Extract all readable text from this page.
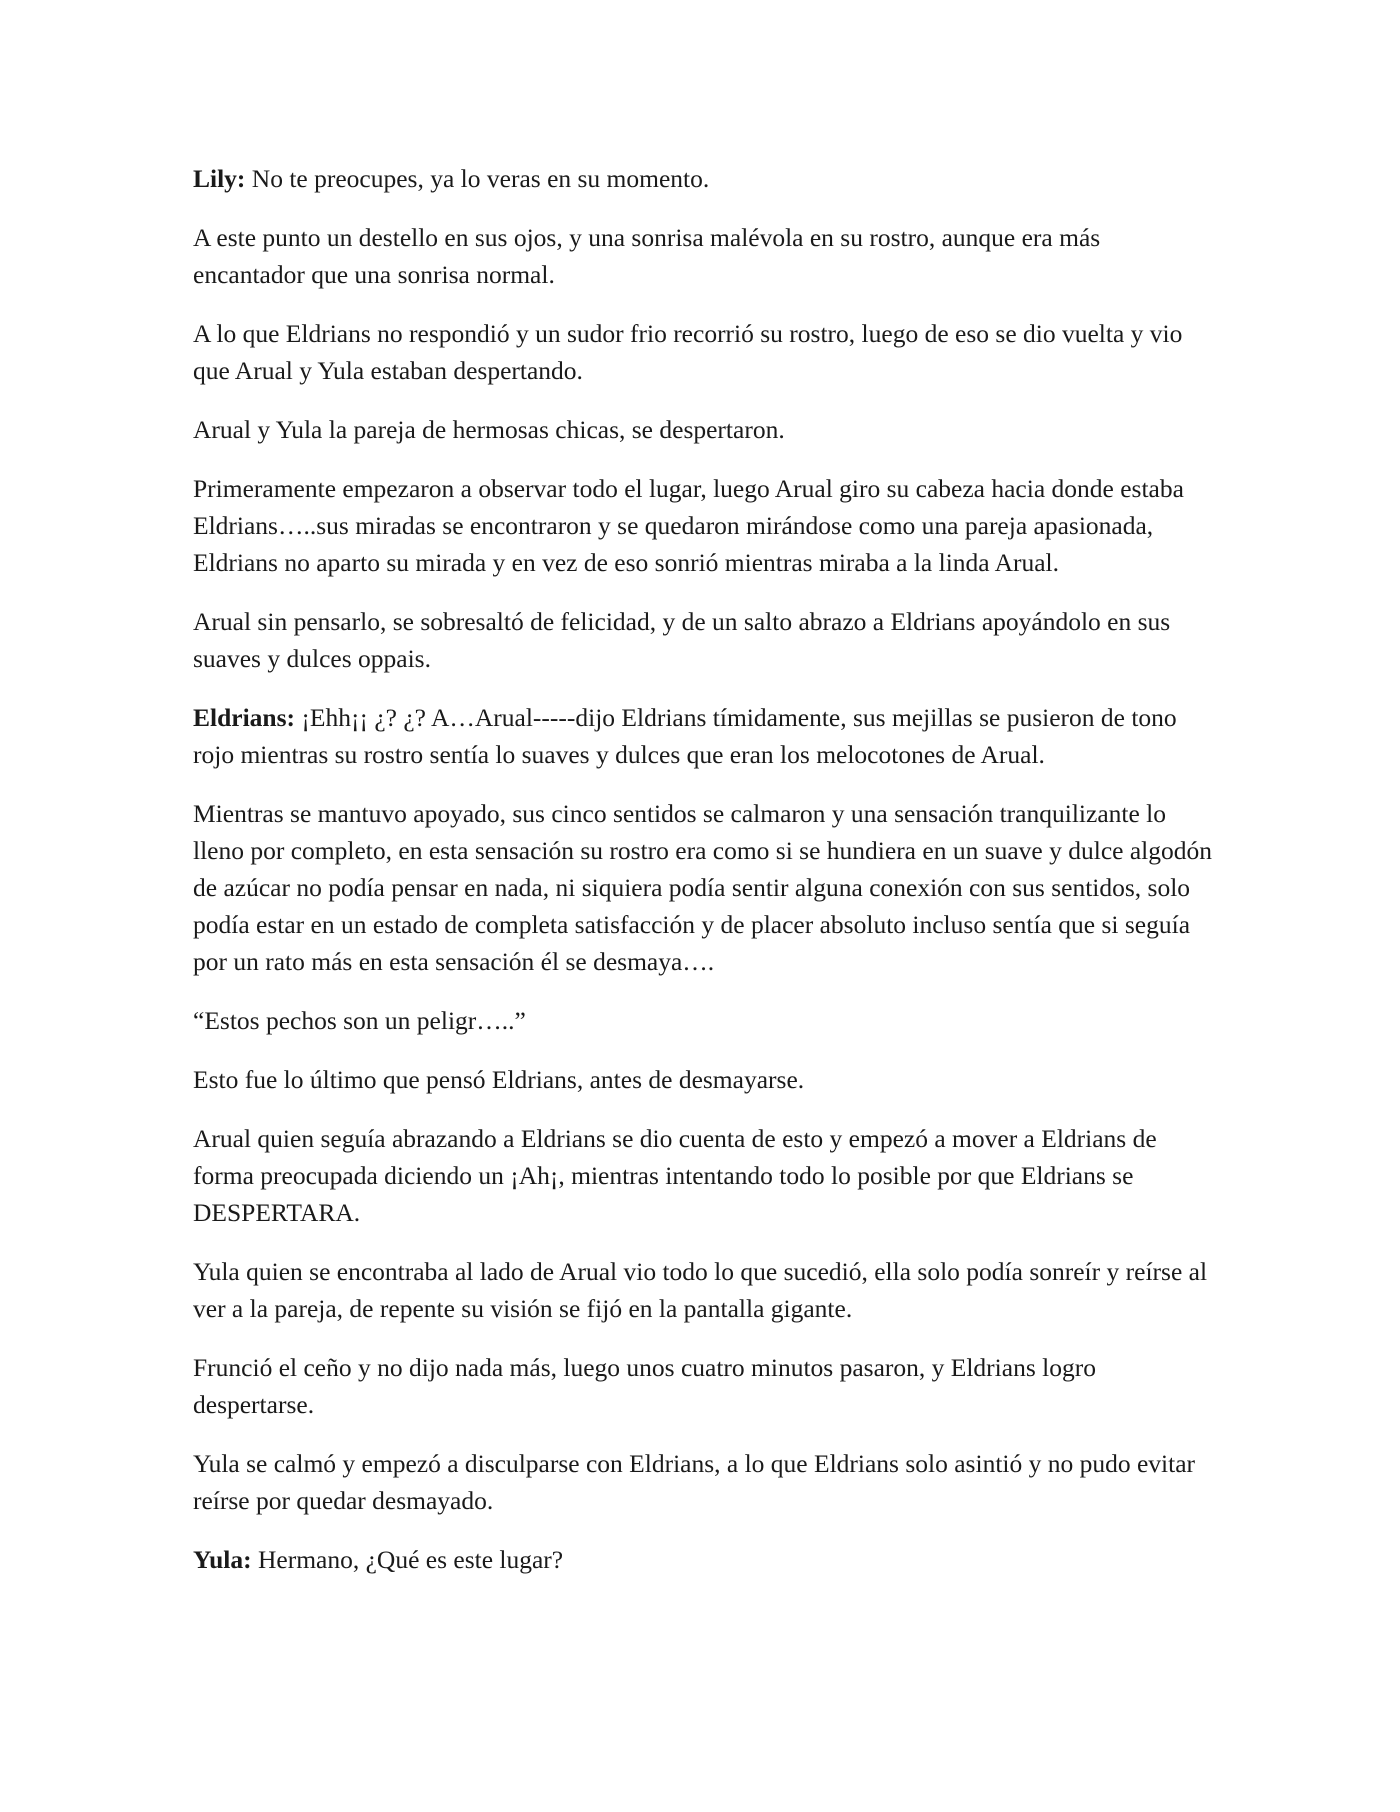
Lily: No te preocupes, ya lo veras en su momento.

A este punto un destello en sus ojos, y una sonrisa malévola en su rostro, aunque era más encantador que una sonrisa normal.

A lo que Eldrians no respondió y un sudor frio recorrió su rostro, luego de eso se dio vuelta y vio que Arual y Yula estaban despertando.

Arual y Yula la pareja de hermosas chicas, se despertaron.

Primeramente empezaron a observar todo el lugar, luego Arual giro su cabeza hacia donde estaba Eldrians…..sus miradas se encontraron y se quedaron mirándose como una pareja apasionada, Eldrians no aparto su mirada y en vez de eso sonrió mientras miraba a la linda Arual.

Arual sin pensarlo, se sobresaltó de felicidad, y de un salto abrazo a Eldrians apoyándolo en sus suaves y dulces oppais.

Eldrians: ¡Ehh¡¡ ¿? ¿? A…Arual-----dijo Eldrians tímidamente, sus mejillas se pusieron de tono rojo mientras su rostro sentía lo suaves y dulces que eran los melocotones de Arual.

Mientras se mantuvo apoyado, sus cinco sentidos se calmaron y una sensación tranquilizante lo lleno por completo, en esta sensación su rostro era como si se hundiera en un suave y dulce algodón de azúcar no podía pensar en nada, ni siquiera podía sentir alguna conexión con sus sentidos, solo podía estar en un estado de completa satisfacción y de placer absoluto incluso sentía que si seguía por un rato más en esta sensación él se desmaya….

“Estos pechos son un peligr…..”

Esto fue lo último que pensó Eldrians, antes de desmayarse.

Arual quien seguía abrazando a Eldrians se dio cuenta de esto y empezó a mover a Eldrians de forma preocupada diciendo un ¡Ah¡, mientras intentando todo lo posible por que Eldrians se DESPERTARA.

Yula quien se encontraba al lado de Arual vio todo lo que sucedió, ella solo podía sonreír y reírse al ver a la pareja, de repente su visión se fijó en la pantalla gigante.

Frunció el ceño y no dijo nada más, luego unos cuatro minutos pasaron, y Eldrians logro despertarse.

Yula se calmó y empezó a disculparse con Eldrians, a lo que Eldrians solo asintió y no pudo evitar reírse por quedar desmayado.

Yula: Hermano, ¿Qué es este lugar?
